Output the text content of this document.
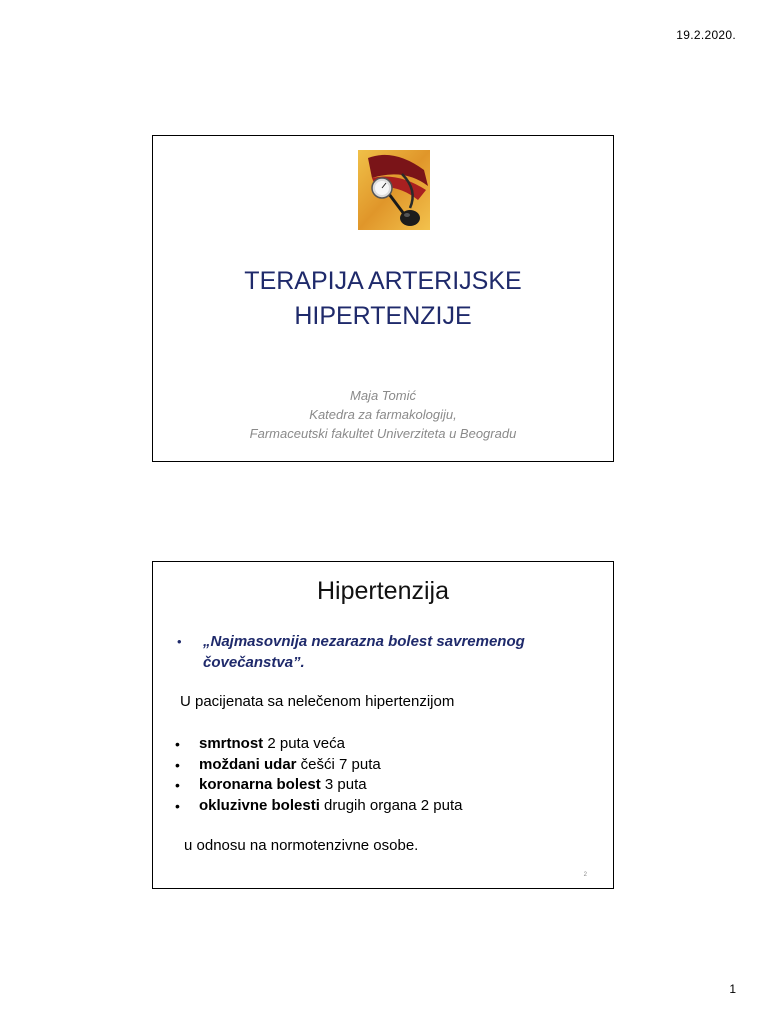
19.2.2020.
TERAPIJA ARTERIJSKE
HIPERTENZIJE
Maja Tomić
Katedra za farmakologiju,
Farmaceutski fakultet Univerziteta u Beogradu
Hipertenzija
•	„Najmasovnija nezarazna bolest savremenog
čovečanstva”.
U pacijenata sa nelečenom hipertenzijom
•	smrtnost 2 puta veća
•	moždani udar češći 7 puta
•	koronarna bolest 3 puta
•	okluzivne bolesti drugih organa 2 puta
u odnosu na normotenzivne osobe.
2
1
